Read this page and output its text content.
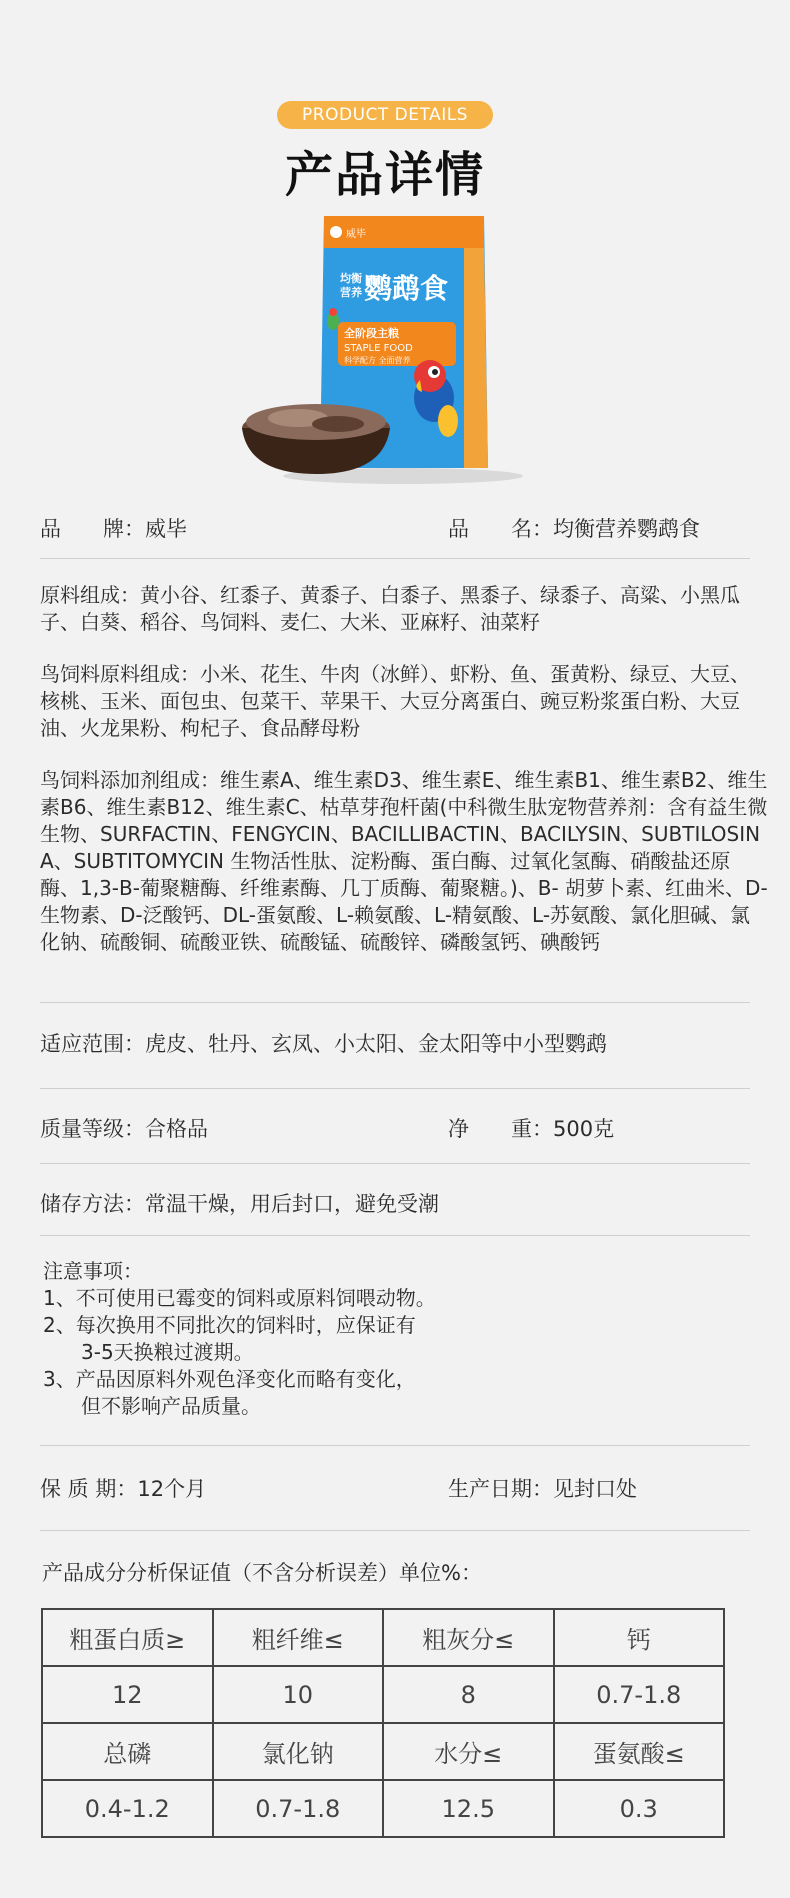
PRODUCT DETAILS
产品详情
威毕
均衡
营养 鹦鹉食
全阶段主粮
STAPLE FOOD
科学配方 全面营养
品　　牌：威毕	品　　名：均衡营养鹦鹉食
原料组成：黄小谷、红黍子、黄黍子、白黍子、黑黍子、绿黍子、高粱、小黑瓜子、白葵、稻谷、鸟饲料、麦仁、大米、亚麻籽、油菜籽
鸟饲料原料组成：小米、花生、牛肉（冰鲜）、虾粉、鱼、蛋黄粉、绿豆、大豆、核桃、玉米、面包虫、包菜干、苹果干、大豆分离蛋白、豌豆粉浆蛋白粉、大豆油、火龙果粉、枸杞子、食品酵母粉
鸟饲料添加剂组成：维生素A、维生素D3、维生素E、维生素B1、维生素B2、维生素B6、维生素B12、维生素C、枯草芽孢杆菌(中科微生肽宠物营养剂：含有益生微生物、SURFACTIN、FENGYCIN、BACILLIBACTIN、BACILYSIN、SUBTILOSIN A、SUBTITOMYCIN 生物活性肽、淀粉酶、蛋白酶、过氧化氢酶、硝酸盐还原酶、1,3-B-葡聚糖酶、纤维素酶、几丁质酶、葡聚糖。)、B- 胡萝卜素、红曲米、D-生物素、D-泛酸钙、DL-蛋氨酸、L-赖氨酸、L-精氨酸、L-苏氨酸、氯化胆碱、氯化钠、硫酸铜、硫酸亚铁、硫酸锰、硫酸锌、磷酸氢钙、碘酸钙
适应范围：虎皮、牡丹、玄凤、小太阳、金太阳等中小型鹦鹉
质量等级：合格品	净　　重：500克
储存方法：常温干燥，用后封口，避免受潮
注意事项：
1、不可使用已霉变的饲料或原料饲喂动物。
2、每次换用不同批次的饲料时，应保证有
3-5天换粮过渡期。
3、产品因原料外观色泽变化而略有变化，
但不影响产品质量。
保 质 期：12个月	生产日期：见封口处
产品成分分析保证值（不含分析误差）单位%：
粗蛋白质≥	粗纤维≤	粗灰分≤	钙
12	10	8	0.7-1.8
总磷	氯化钠	水分≤	蛋氨酸≤
0.4-1.2	0.7-1.8	12.5	0.3
